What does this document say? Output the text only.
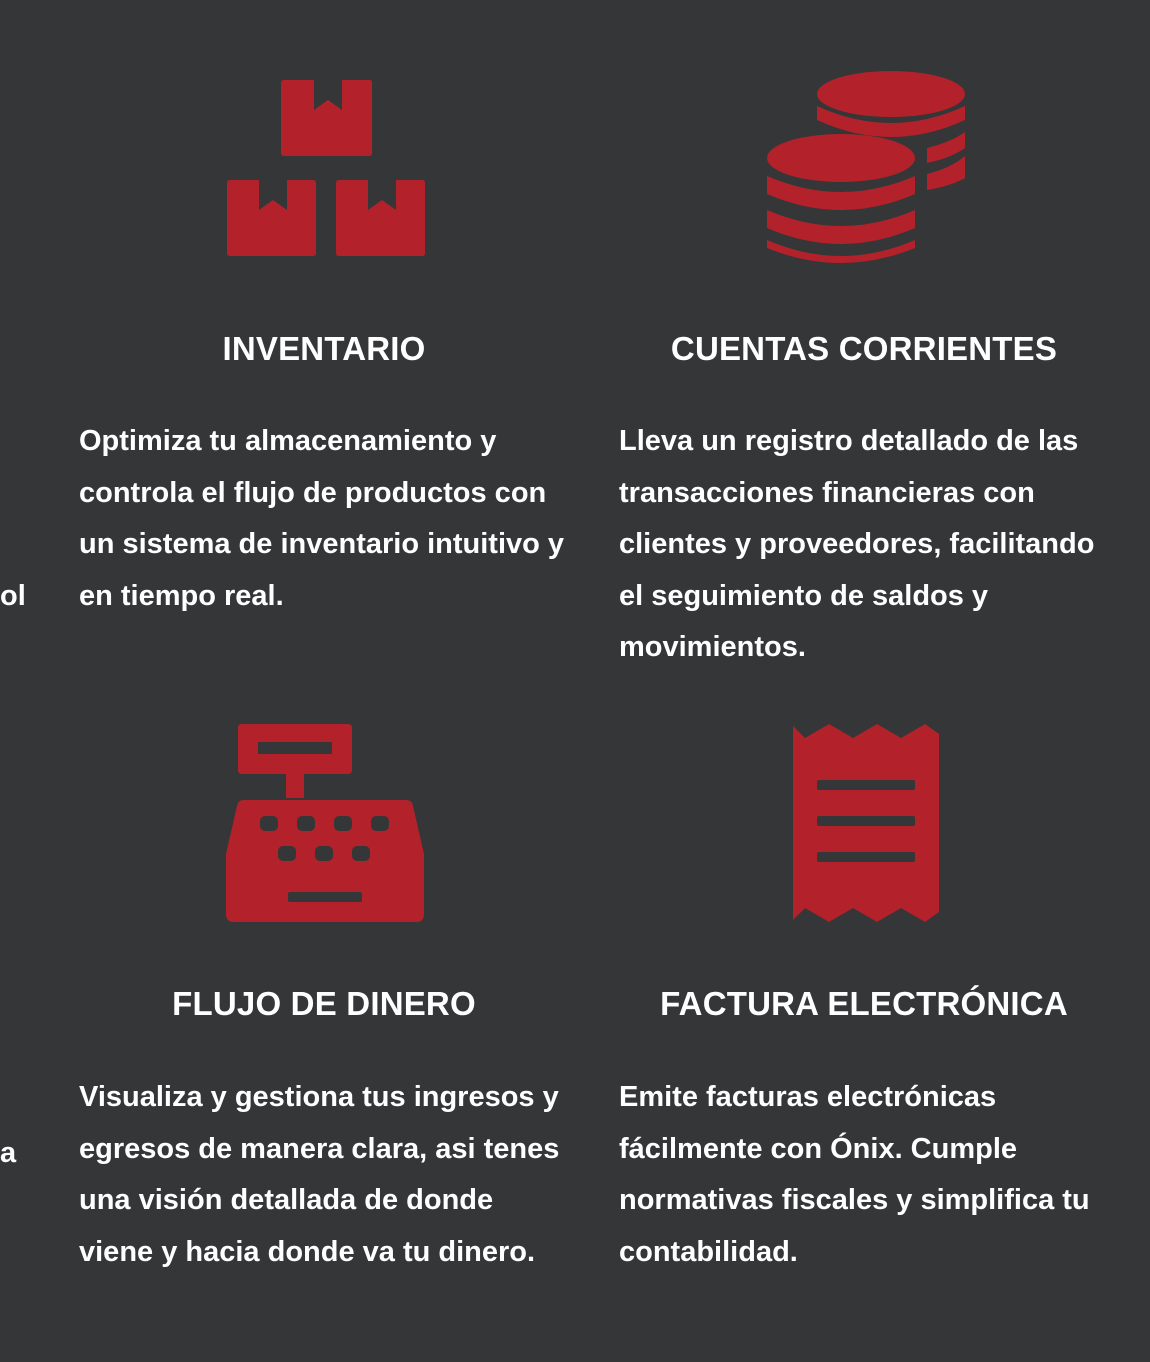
ol
a
INVENTARIO

Optimiza tu almacenamiento y controla el flujo de productos con un sistema de inventario intuitivo y en tiempo real.

CUENTAS CORRIENTES

Lleva un registro detallado de las transacciones financieras con clientes y proveedores, facilitando el seguimiento de saldos y movimientos.

FLUJO DE DINERO

Visualiza y gestiona tus ingresos y egresos de manera clara, asi tenes una visión detallada de donde viene y hacia donde va tu dinero.

FACTURA ELECTRÓNICA

Emite facturas electrónicas fácilmente con Ónix. Cumple normativas fiscales y simplifica tu contabilidad.
